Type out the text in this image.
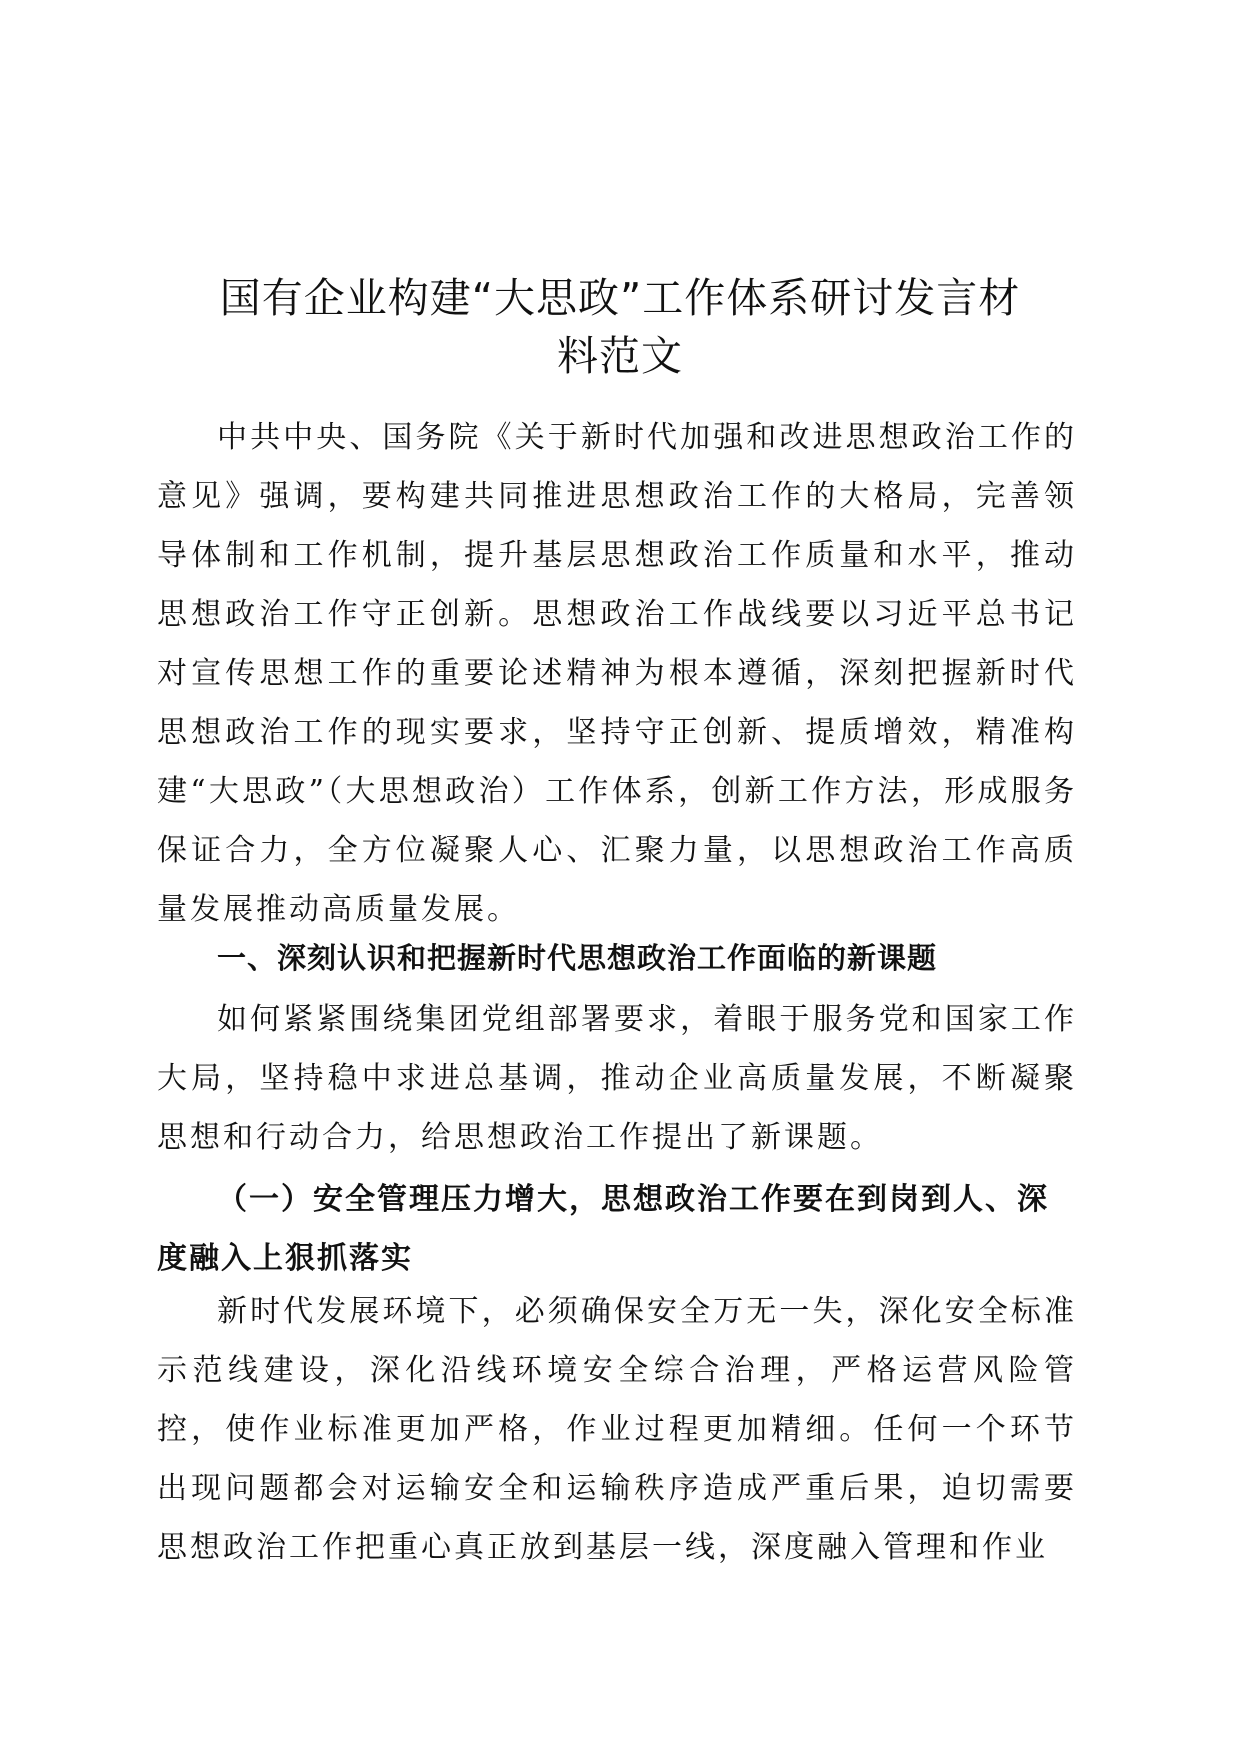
国有企业构建“大思政”工作体系研讨发言材
料范文

中共中央、国务院《关于新时代加强和改进思想政治工作的意见》强调，要构建共同推进思想政治工作的大格局，完善领导体制和工作机制，提升基层思想政治工作质量和水平，推动思想政治工作守正创新。思想政治工作战线要以习近平总书记对宣传思想工作的重要论述精神为根本遵循，深刻把握新时代思想政治工作的现实要求，坚持守正创新、提质增效，精准构建“大思政”（大思想政治）工作体系，创新工作方法，形成服务保证合力，全方位凝聚人心、汇聚力量，以思想政治工作高质量发展推动高质量发展。

一、深刻认识和把握新时代思想政治工作面临的新课题

如何紧紧围绕集团党组部署要求，着眼于服务党和国家工作大局，坚持稳中求进总基调，推动企业高质量发展，不断凝聚思想和行动合力，给思想政治工作提出了新课题。

（一）安全管理压力增大，思想政治工作要在到岗到人、深度融入上狠抓落实

新时代发展环境下，必须确保安全万无一失，深化安全标准示范线建设，深化沿线环境安全综合治理，严格运营风险管控，使作业标准更加严格，作业过程更加精细。任何一个环节出现问题都会对运输安全和运输秩序造成严重后果，迫切需要思想政治工作把重心真正放到基层一线，深度融入管理和作业
